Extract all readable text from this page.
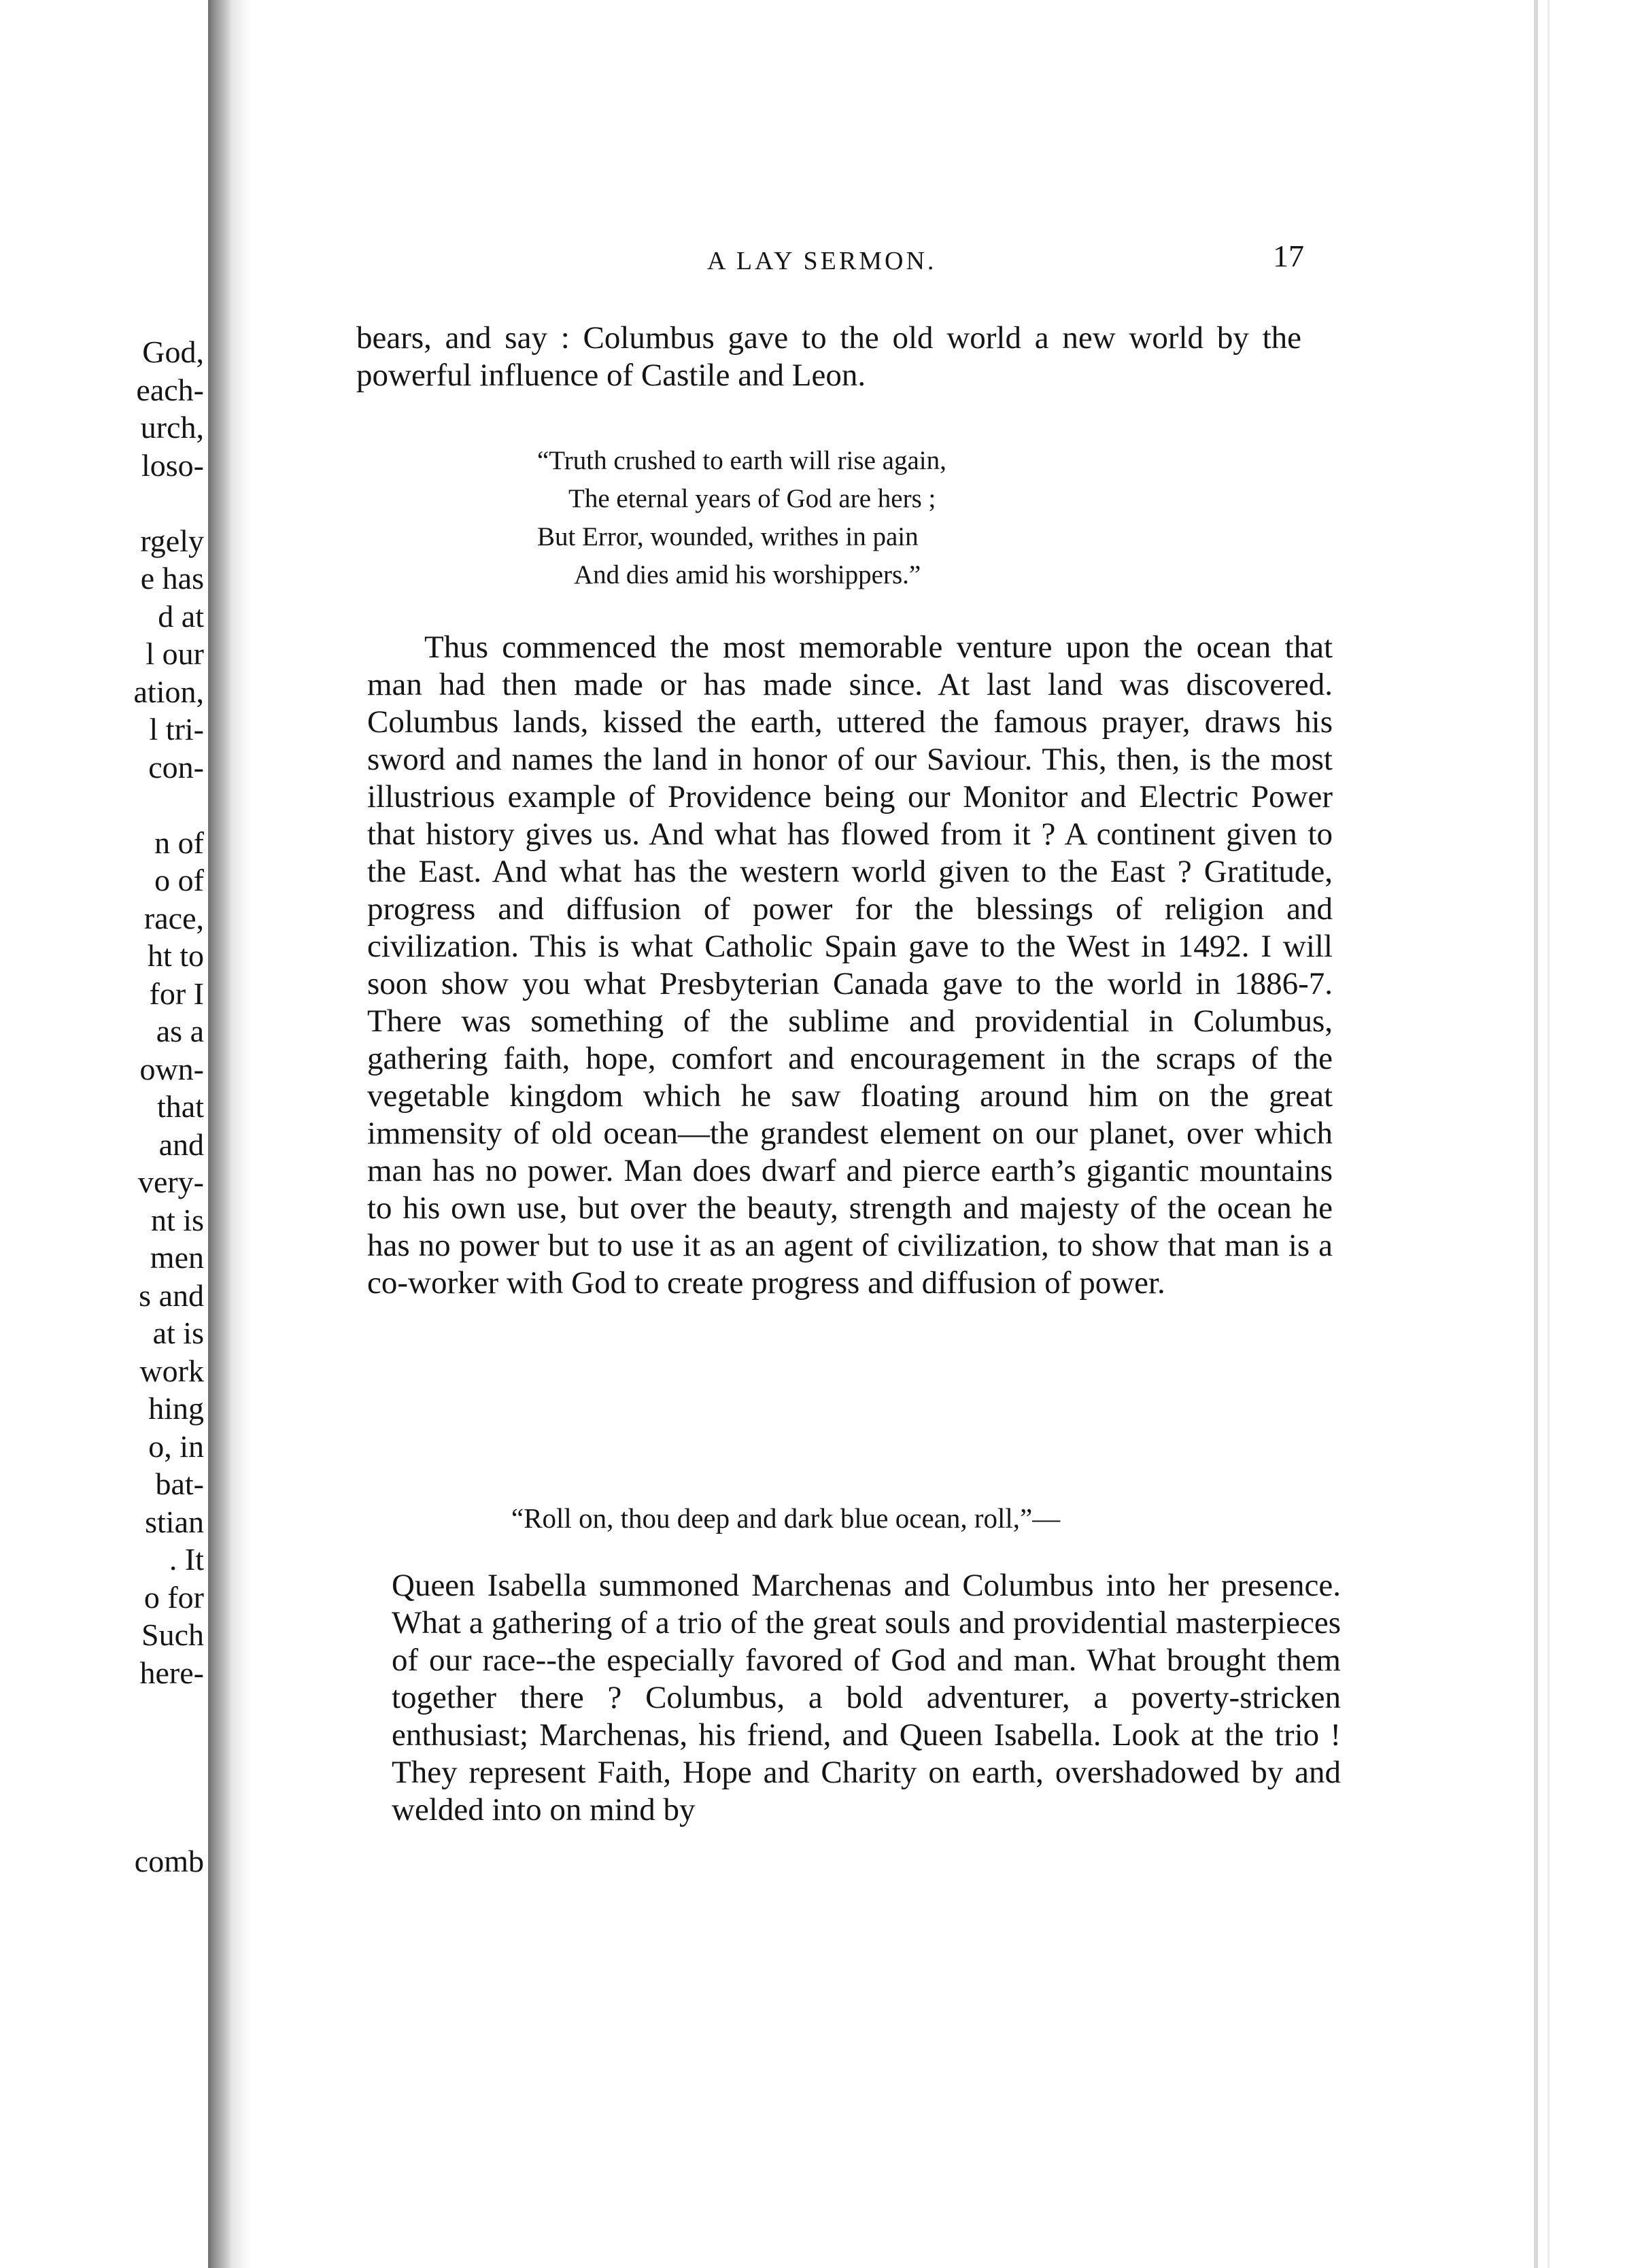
God,
each-
urch,
loso-
rgely
e has
d at
l our
ation,
l tri-
con-
n of
o of
race,
ht to
for I
as a
own-
that
and
very-
nt is
men
s and
at is
work
hing
o, in
bat-
stian
. It
o for
Such
here-
comb
A LAY SERMON.	17

bears, and say : Columbus gave to the old world a new world by the powerful influence of Castile and Leon.

“Truth crushed to earth will rise again,
The eternal years of God are hers ;
But Error, wounded, writhes in pain
And dies amid his worshippers.”

Thus commenced the most memorable venture upon the ocean that man had then made or has made since. At last land was discovered. Columbus lands, kissed the earth, uttered the famous prayer, draws his sword and names the land in honor of our Saviour. This, then, is the most illustrious example of Providence being our Monitor and Electric Power that history gives us. And what has flowed from it ? A continent given to the East. And what has the western world given to the East ? Gratitude, progress and diffusion of power for the blessings of religion and civilization. This is what Catholic Spain gave to the West in 1492. I will soon show you what Presbyterian Canada gave to the world in 1886-7. There was something of the sublime and providential in Columbus, gathering faith, hope, comfort and encouragement in the scraps of the vegetable kingdom which he saw floating around him on the great immensity of old ocean—the grandest element on our planet, over which man has no power. Man does dwarf and pierce earth’s gigantic mountains to his own use, but over the beauty, strength and majesty of the ocean he has no power but to use it as an agent of civilization, to show that man is a co-worker with God to create progress and diffusion of power.

“Roll on, thou deep and dark blue ocean, roll,”—

Queen Isabella summoned Marchenas and Columbus into her presence. What a gathering of a trio of the great souls and providential masterpieces of our race--the especially favored of God and man. What brought them together there ? Columbus, a bold adventurer, a poverty-stricken enthusiast; Marchenas, his friend, and Queen Isabella. Look at the trio ! They represent Faith, Hope and Charity on earth, overshadowed by and welded into on mind by
